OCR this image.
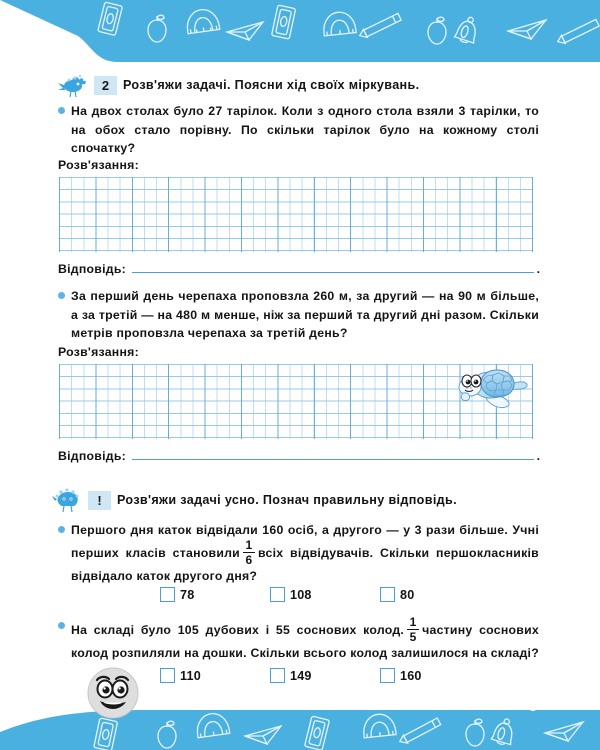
2	Розв'яжи задачі. Поясни хід своїх міркувань.
На двох столах було 27 тарілок. Коли з одного стола взяли 3 тарілки, то на обох стало порівну. По скільки тарілок було на кожному столі спочатку?
Розв'язання:
Відповідь:	.
За перший день черепаха проповзла 260 м, за другий — на 90 м більше, а за третій — на 480 м менше, ніж за перший та другий дні разом. Скільки метрів проповзла черепаха за третій день?
Розв'язання:
Відповідь:	.
!	Розв'яжи задачі усно. Познач правильну відповідь.
Першого дня каток відвідали 160 осіб, а другого — у 3 рази більше. Учні перших класів становили $\frac{1}{6}$ всіх відвідувачів. Скільки першокласників відвідало каток другого дня?
78	108	80
На складі було 105 дубових і 55 соснових колод. $\frac{1}{5}$ частину соснових колод розпиляли на дошки. Скільки всього колод залишилося на складі?
110	149	160
3
